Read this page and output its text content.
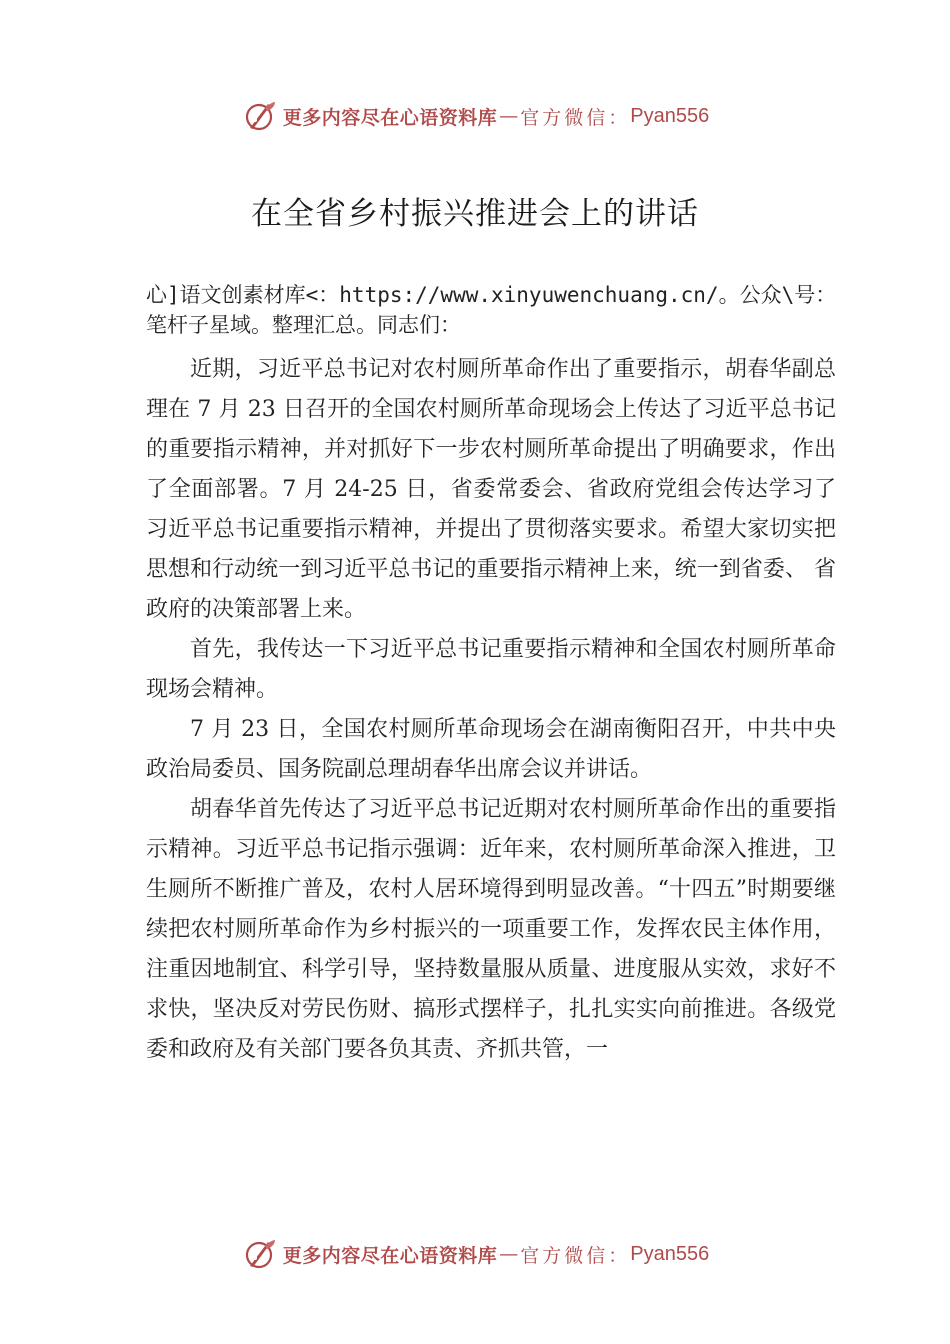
更多内容尽在心语资料库 — 官方微信： Pyan556
在全省乡村振兴推进会上的讲话

心]语文创素材库<：https://www.xinyuwenchuang.cn/。公众\号：笔杆子星域。整理汇总。同志们：

近期，习近平总书记对农村厕所革命作出了重要指示，胡春华副总理在 7 月 23 日召开的全国农村厕所革命现场会上传达了习近平总书记的重要指示精神，并对抓好下一步农村厕所革命提出了明确要求，作出了全面部署。7 月 24-25 日，省委常委会、省政府党组会传达学习了习近平总书记重要指示精神，并提出了贯彻落实要求。希望大家切实把思想和行动统一到习近平总书记的重要指示精神上来，统一到省委、 省政府的决策部署上来。

首先，我传达一下习近平总书记重要指示精神和全国农村厕所革命现场会精神。

7 月 23 日，全国农村厕所革命现场会在湖南衡阳召开，中共中央政治局委员、国务院副总理胡春华出席会议并讲话。

胡春华首先传达了习近平总书记近期对农村厕所革命作出的重要指示精神。习近平总书记指示强调：近年来，农村厕所革命深入推进，卫生厕所不断推广普及，农村人居环境得到明显改善。“十四五”时期要继续把农村厕所革命作为乡村振兴的一项重要工作，发挥农民主体作用，注重因地制宜、科学引导，坚持数量服从质量、进度服从实效，求好不求快，坚决反对劳民伤财、搞形式摆样子，扎扎实实向前推进。各级党委和政府及有关部门要各负其责、齐抓共管，一

更多内容尽在心语资料库 — 官方微信： Pyan556
